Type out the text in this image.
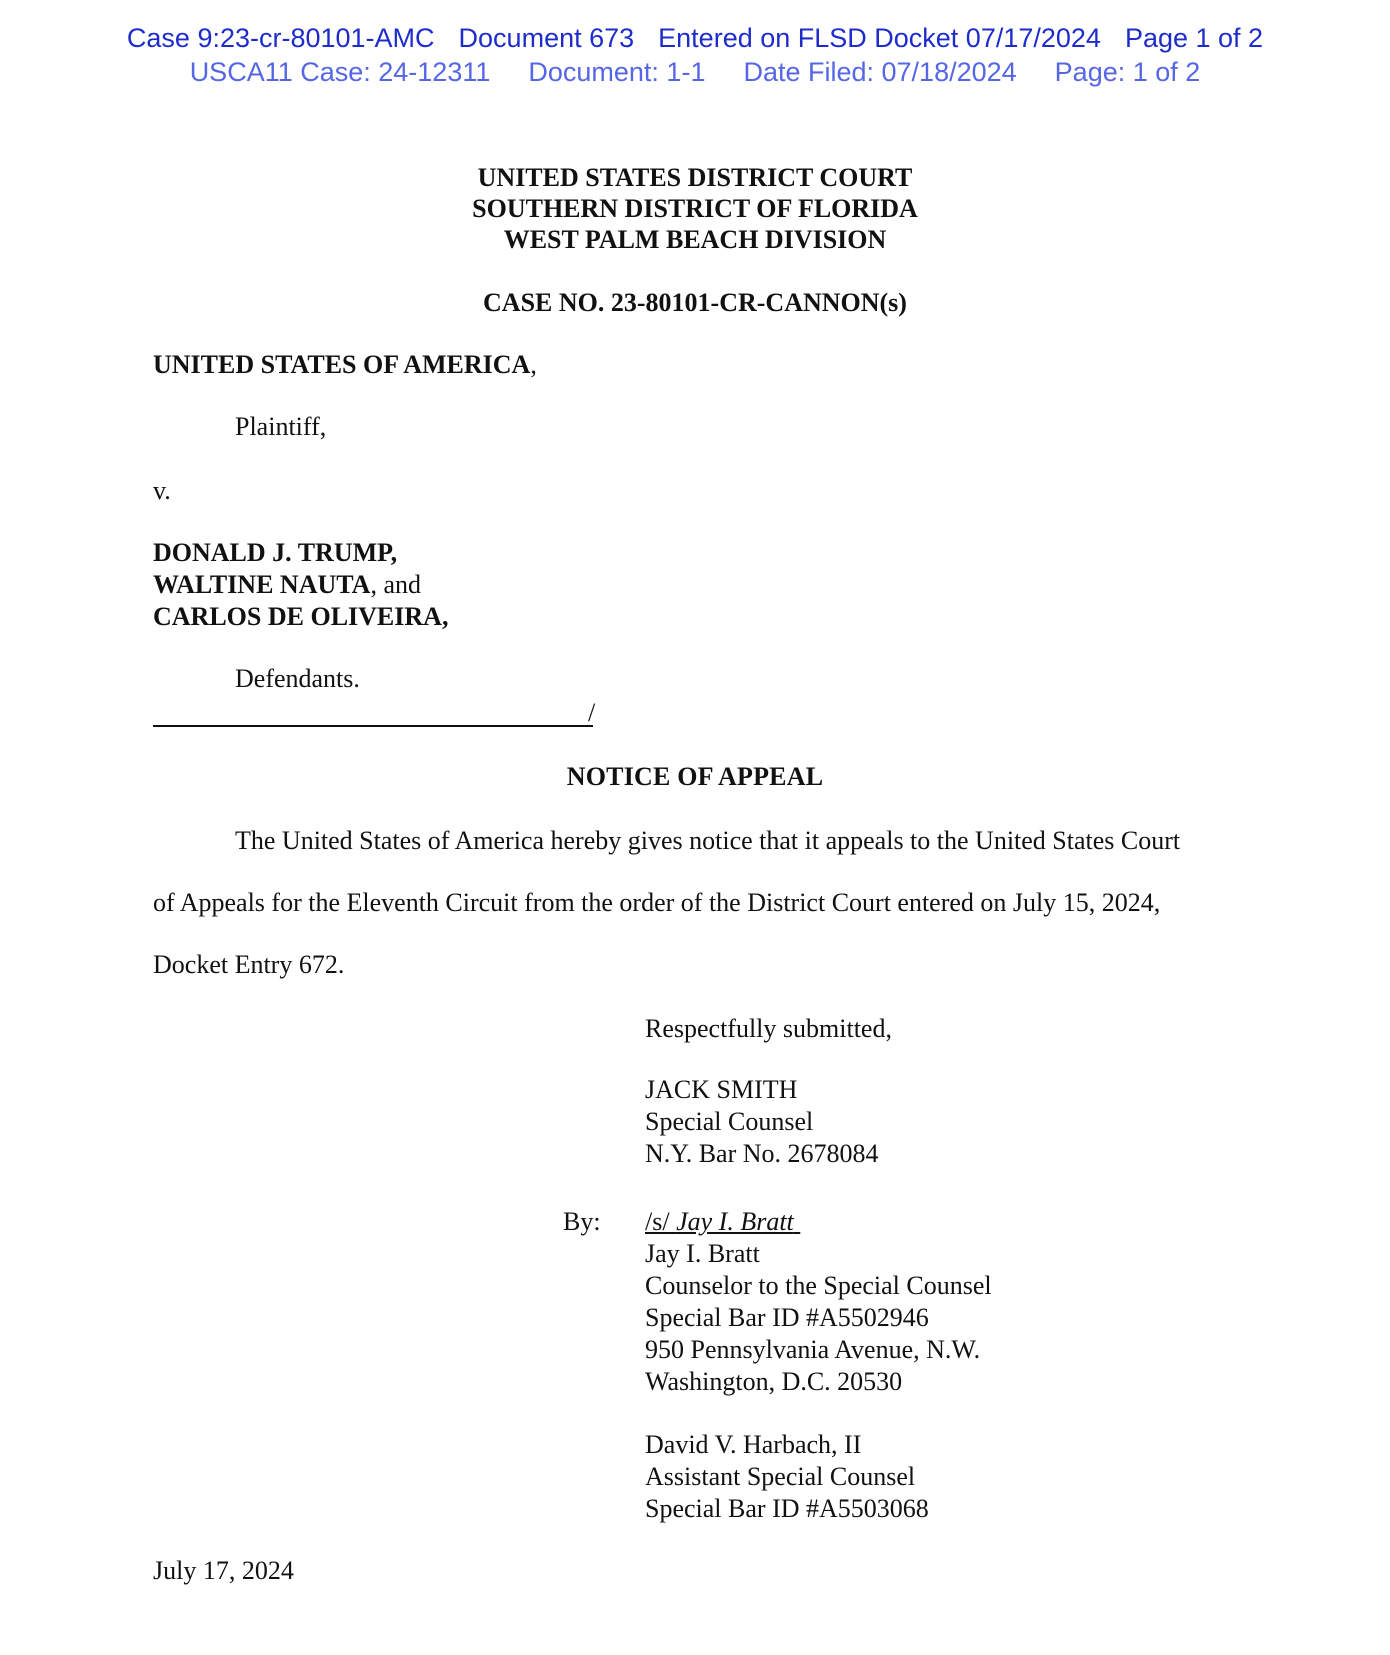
Case 9:23-cr-80101-AMC Document 673 Entered on FLSD Docket 07/17/2024 Page 1 of 2
USCA11 Case: 24-12311 Document: 1-1 Date Filed: 07/18/2024 Page: 1 of 2
UNITED STATES DISTRICT COURT
SOUTHERN DISTRICT OF FLORIDA
WEST PALM BEACH DIVISION
CASE NO. 23-80101-CR-CANNON(s)
UNITED STATES OF AMERICA,
Plaintiff,
v.
DONALD J. TRUMP,
WALTINE NAUTA, and
CARLOS DE OLIVEIRA,
Defendants.
/
NOTICE OF APPEAL
The United States of America hereby gives notice that it appeals to the United States Court
of Appeals for the Eleventh Circuit from the order of the District Court entered on July 15, 2024,
Docket Entry 672.
Respectfully submitted,
JACK SMITH
Special Counsel
N.Y. Bar No. 2678084
By: /s/ Jay I. Bratt
Jay I. Bratt
Counselor to the Special Counsel
Special Bar ID #A5502946
950 Pennsylvania Avenue, N.W.
Washington, D.C. 20530
David V. Harbach, II
Assistant Special Counsel
Special Bar ID #A5503068
July 17, 2024
